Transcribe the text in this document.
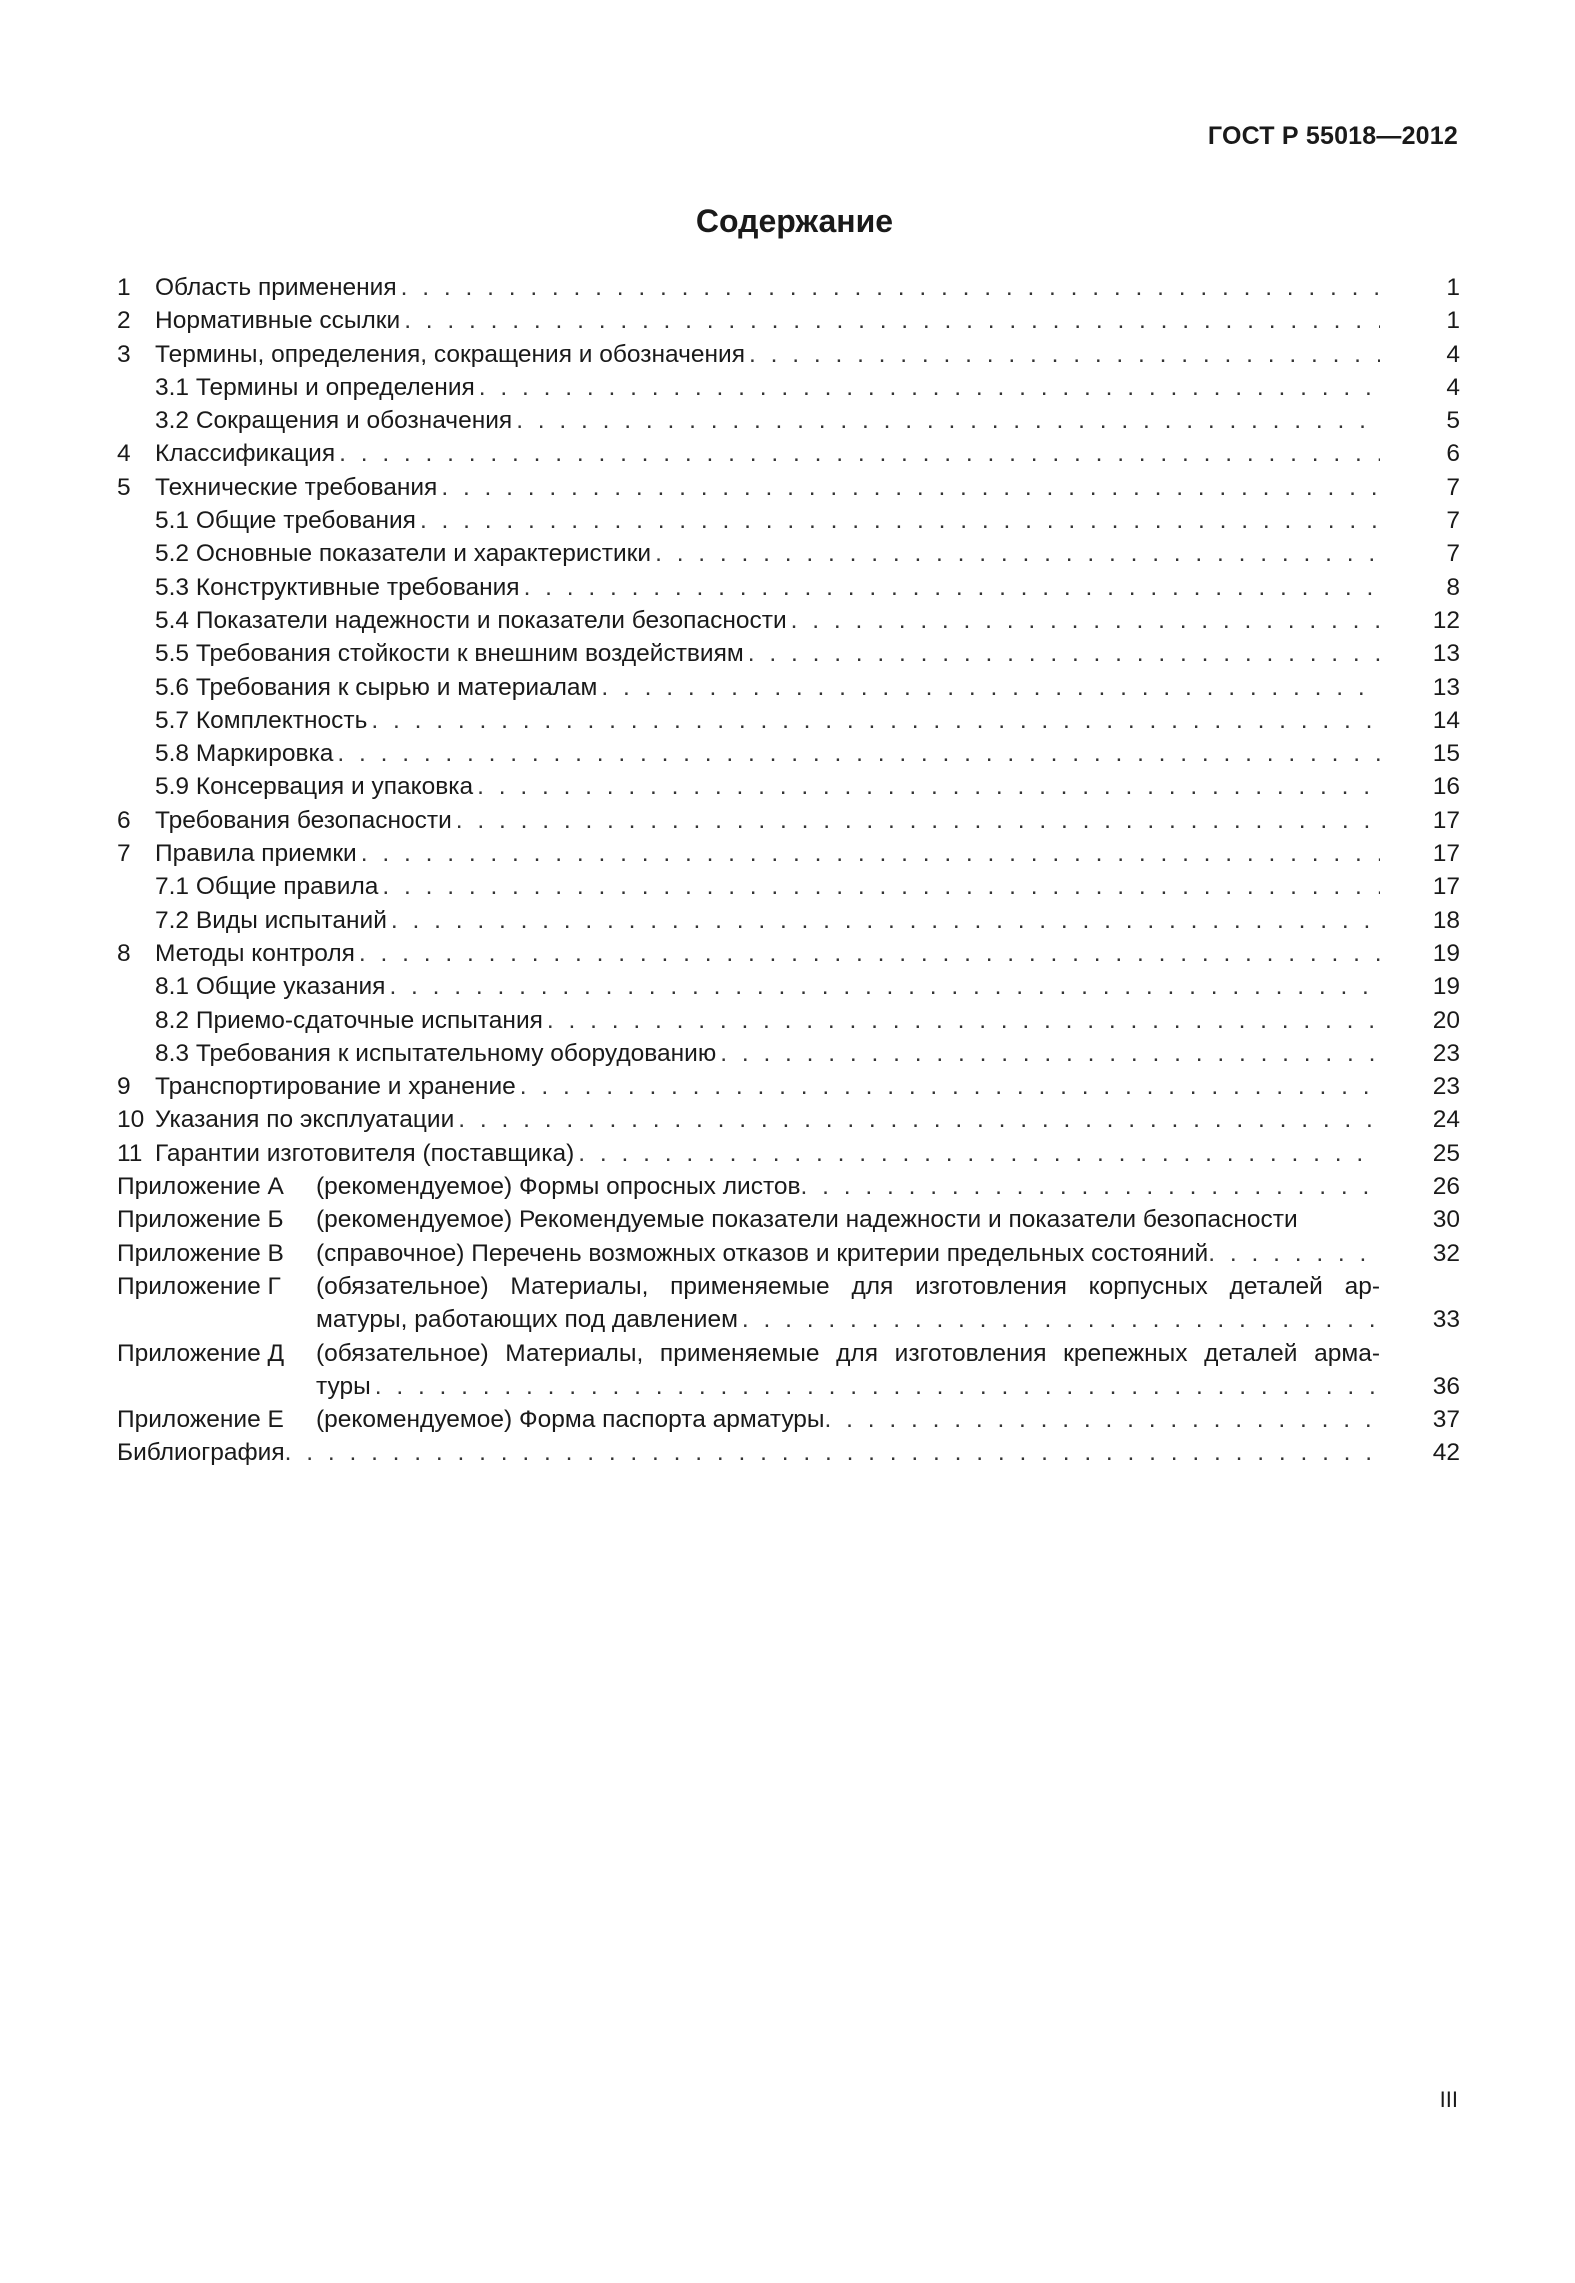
ГОСТ Р 55018—2012
Содержание
1 Область применения . . .	1
2 Нормативные ссылки . . .	1
3 Термины, определения, сокращения и обозначения . . .	4
3.1 Термины и определения . . .	4
3.2 Сокращения и обозначения . . .	5
4 Классификация . . .	6
5 Технические требования . . .	7
5.1 Общие требования . . .	7
5.2 Основные показатели и характеристики . . .	7
5.3 Конструктивные требования . . .	8
5.4 Показатели надежности и показатели безопасности . . .	12
5.5 Требования стойкости к внешним воздействиям . . .	13
5.6 Требования к сырью и материалам . . .	13
5.7 Комплектность . . .	14
5.8 Маркировка . . .	15
5.9 Консервация и упаковка . . .	16
6 Требования безопасности . . .	17
7 Правила приемки . . .	17
7.1 Общие правила . . .	17
7.2 Виды испытаний . . .	18
8 Методы контроля . . .	19
8.1 Общие указания . . .	19
8.2 Приемо-сдаточные испытания . . .	20
8.3 Требования к испытательному оборудованию . . .	23
9 Транспортирование и хранение . . .	23
10 Указания по эксплуатации . . .	24
11 Гарантии изготовителя (поставщика) . . .	25
Приложение А	(рекомендуемое) Формы опросных листов . . .	26
Приложение Б	(рекомендуемое) Рекомендуемые показатели надежности и показатели безопасности	30
Приложение В	(справочное) Перечень возможных отказов и критерии предельных состояний . . .	32
Приложение Г	(обязательное) Материалы, применяемые для изготовления корпусных деталей ар-
матуры, работающих под давлением . . .	33
Приложение Д	(обязательное) Материалы, применяемые для изготовления крепежных деталей арма-
туры . . .	36
Приложение Е	(рекомендуемое) Форма паспорта арматуры . . .	37
Библиография . . .	42
III
